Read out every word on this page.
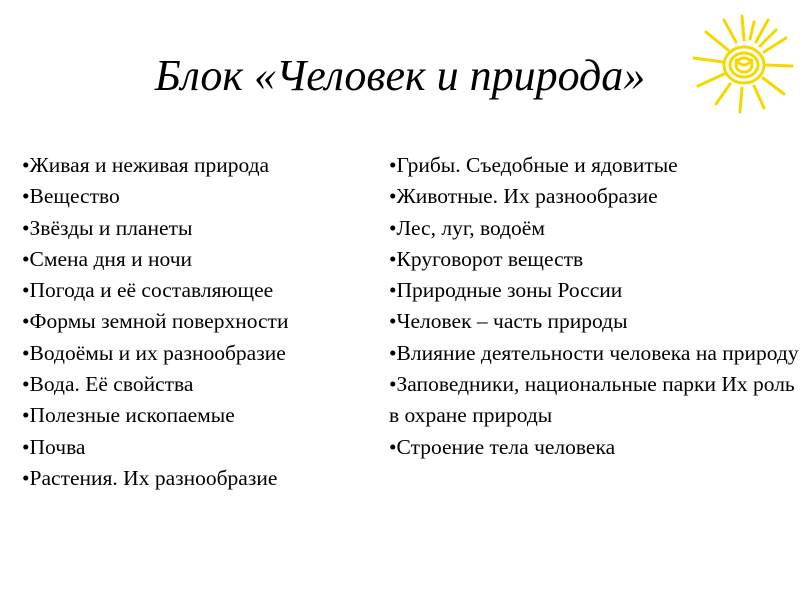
Блок «Человек и природа»
•Живая и неживая природа
•Вещество
•Звёзды и планеты
•Смена дня и ночи
•Погода и её составляющее
•Формы земной поверхности
•Водоёмы и их разнообразие
•Вода. Её свойства
•Полезные ископаемые
•Почва
•Растения. Их разнообразие
•Грибы. Съедобные и ядовитые
•Животные. Их разнообразие
•Лес, луг, водоём
•Круговорот веществ
•Природные зоны России
•Человек – часть природы
•Влияние деятельности человека на природу
•Заповедники, национальные парки Их роль в охране природы
•Строение тела человека
